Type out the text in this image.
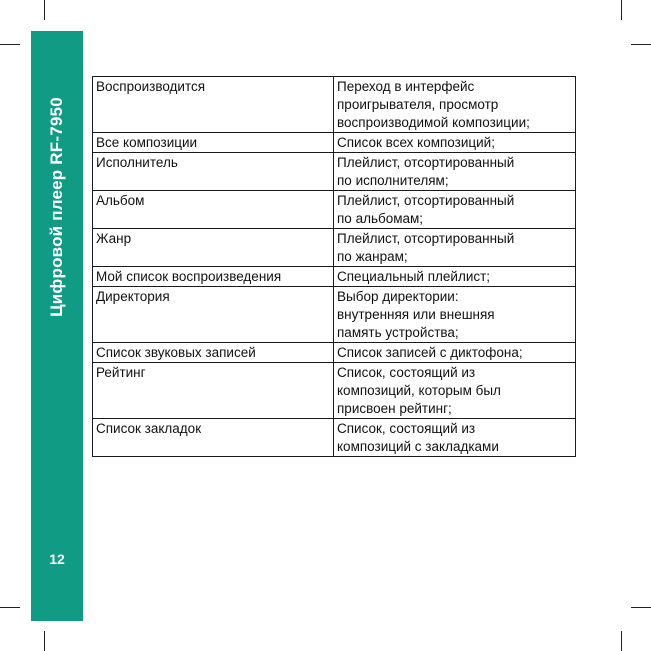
Цифровой плеер RF-7950
12
Воспроизводится	Переход в интерфейс
проигрывателя, просмотр
воспроизводимой композиции;
Все композиции	Список всех композиций;
Исполнитель	Плейлист, отсортированный
по исполнителям;
Альбом	Плейлист, отсортированный
по альбомам;
Жанр	Плейлист, отсортированный
по жанрам;
Мой список воспроизведения	Специальный плейлист;
Директория	Выбор директории:
внутренняя или внешняя
память устройства;
Список звуковых записей	Список записей с диктофона;
Рейтинг	Список, состоящий из
композиций, которым был
присвоен рейтинг;
Список закладок	Список, состоящий из
композиций с закладками
